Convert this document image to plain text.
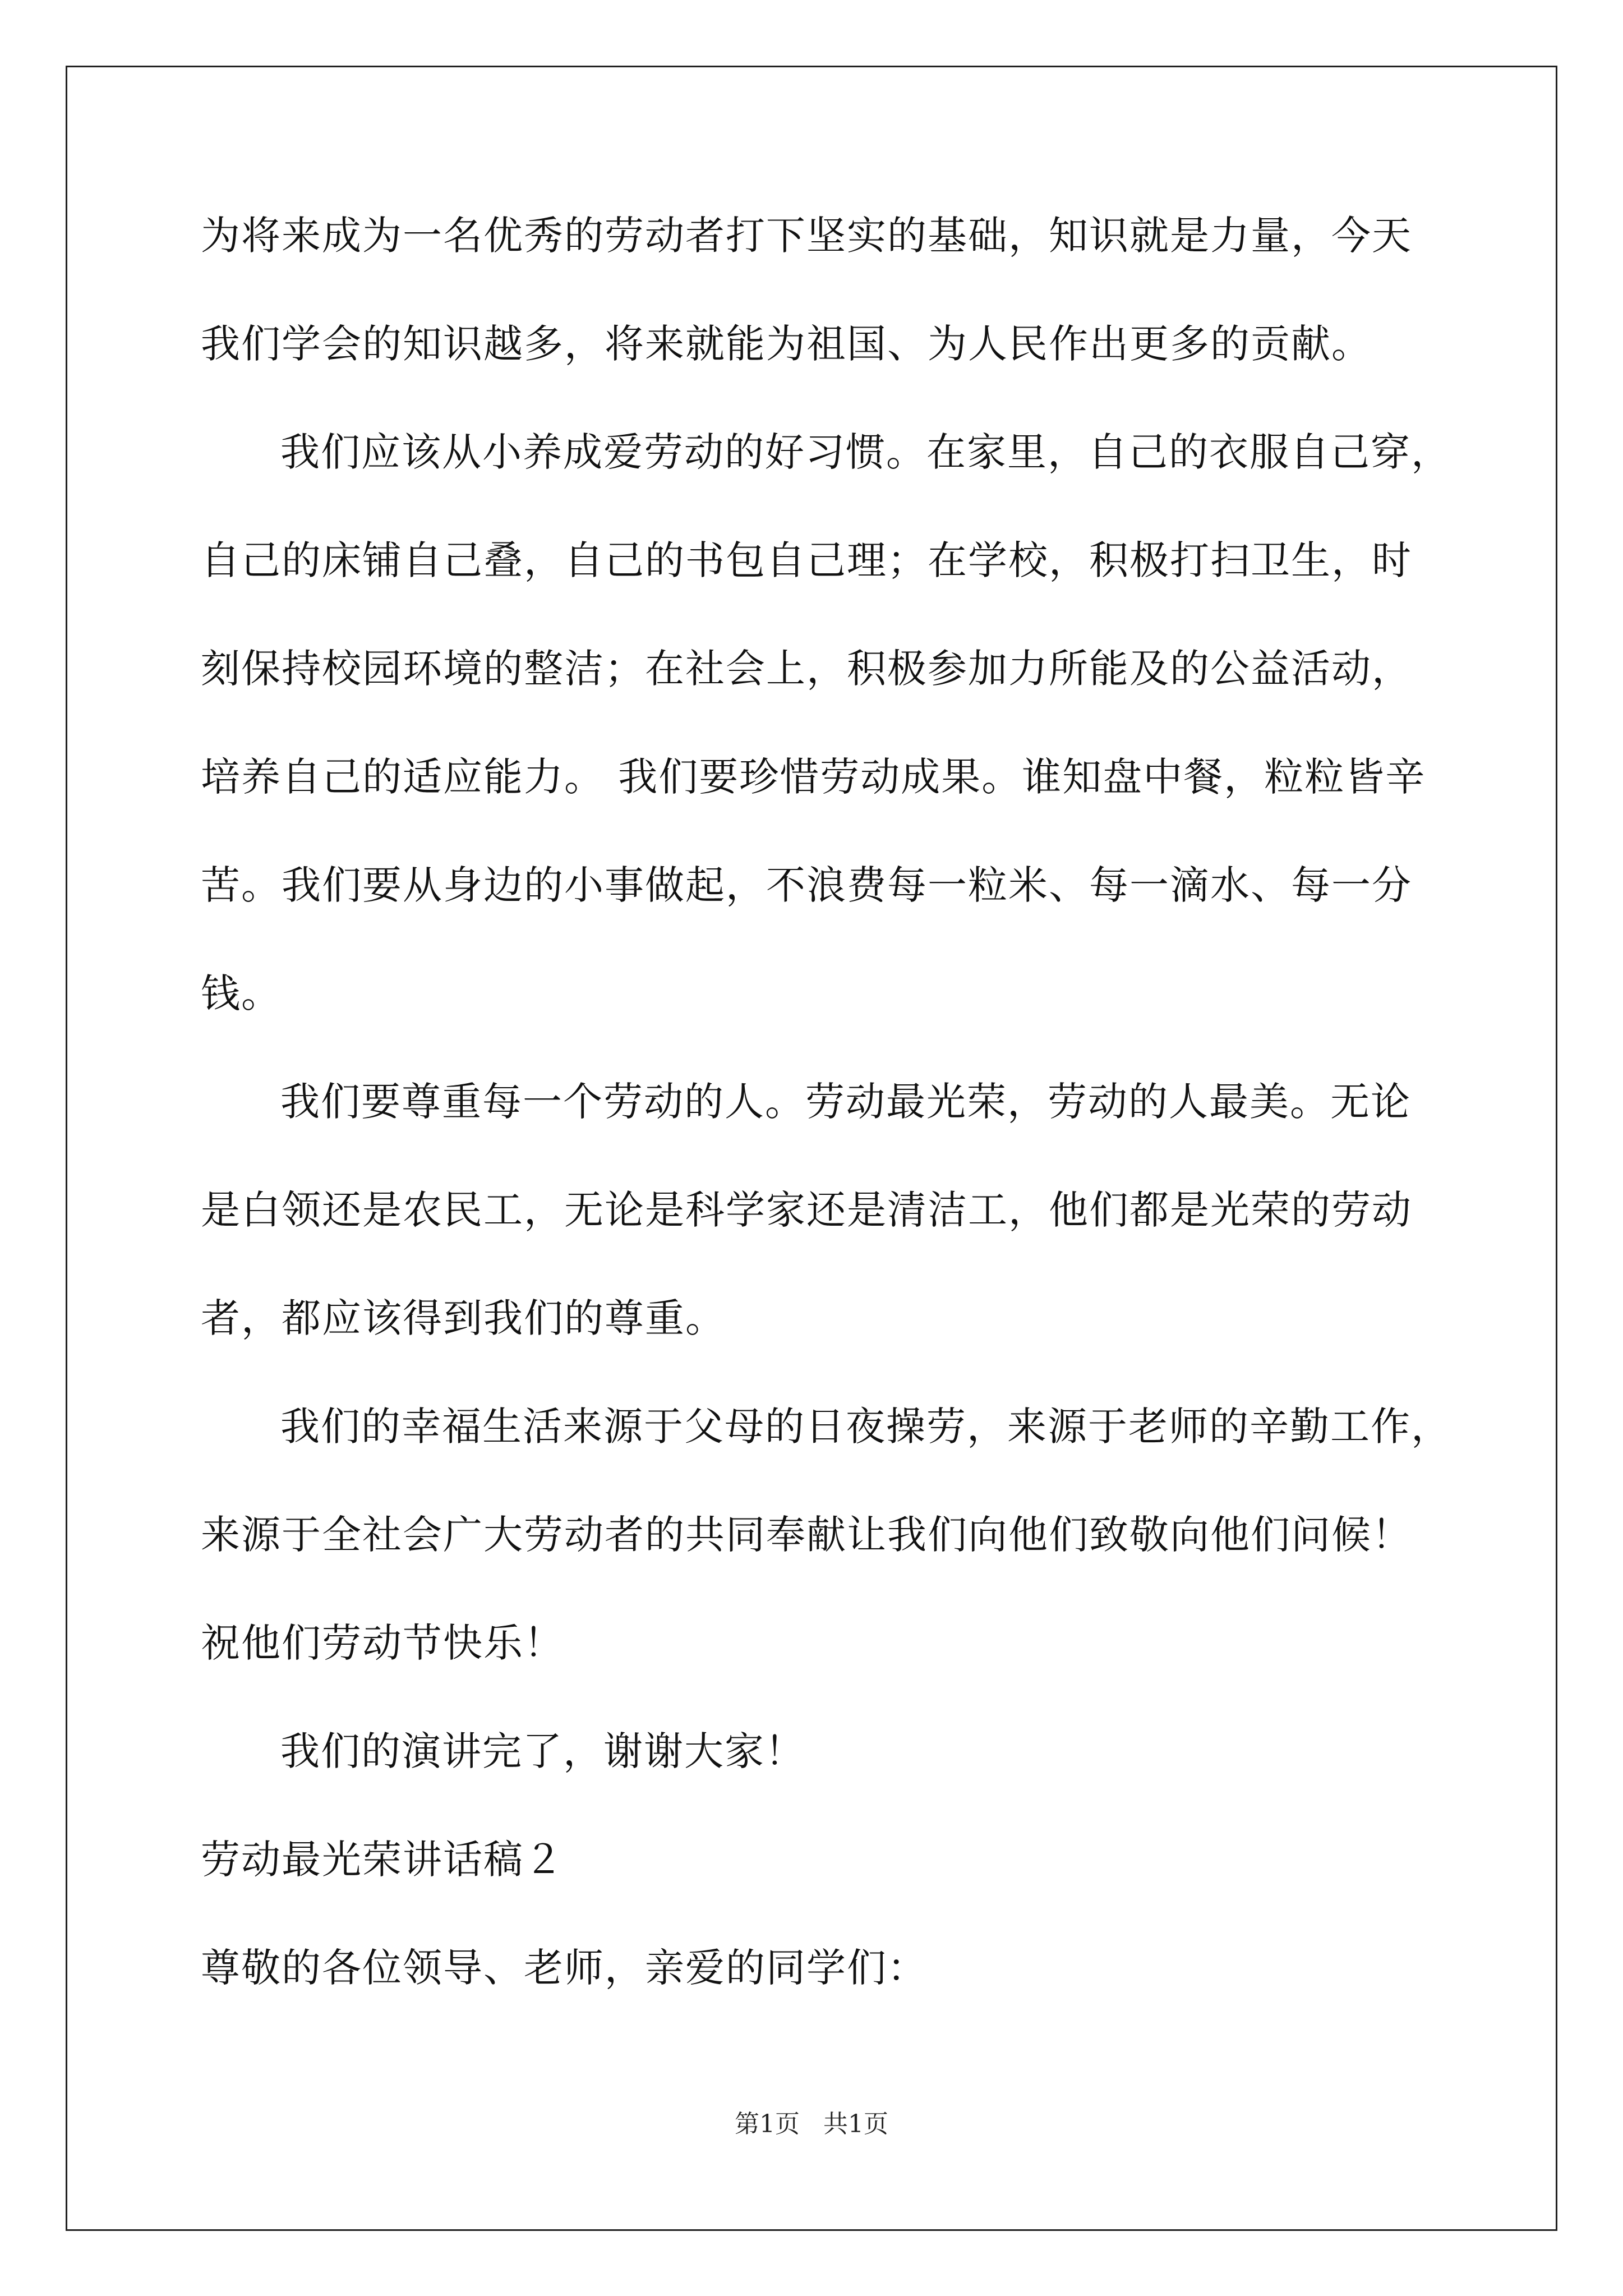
为将来成为一名优秀的劳动者打下坚实的基础，知识就是力量，今天
我们学会的知识越多，将来就能为祖国、为人民作出更多的贡献。
我们应该从小养成爱劳动的好习惯。在家里，自己的衣服自己穿，
自己的床铺自己叠，自己的书包自己理；在学校，积极打扫卫生，时
刻保持校园环境的整洁；在社会上，积极参加力所能及的公益活动，
培养自己的适应能力。 我们要珍惜劳动成果。谁知盘中餐，粒粒皆辛
苦。我们要从身边的小事做起，不浪费每一粒米、每一滴水、每一分
钱。
我们要尊重每一个劳动的人。劳动最光荣，劳动的人最美。无论
是白领还是农民工，无论是科学家还是清洁工，他们都是光荣的劳动
者，都应该得到我们的尊重。
我们的幸福生活来源于父母的日夜操劳，来源于老师的辛勤工作，
来源于全社会广大劳动者的共同奉献让我们向他们致敬向他们问候！
祝他们劳动节快乐！
我们的演讲完了，谢谢大家！
劳动最光荣讲话稿２
尊敬的各位领导、老师，亲爱的同学们：
第1页 共1页
